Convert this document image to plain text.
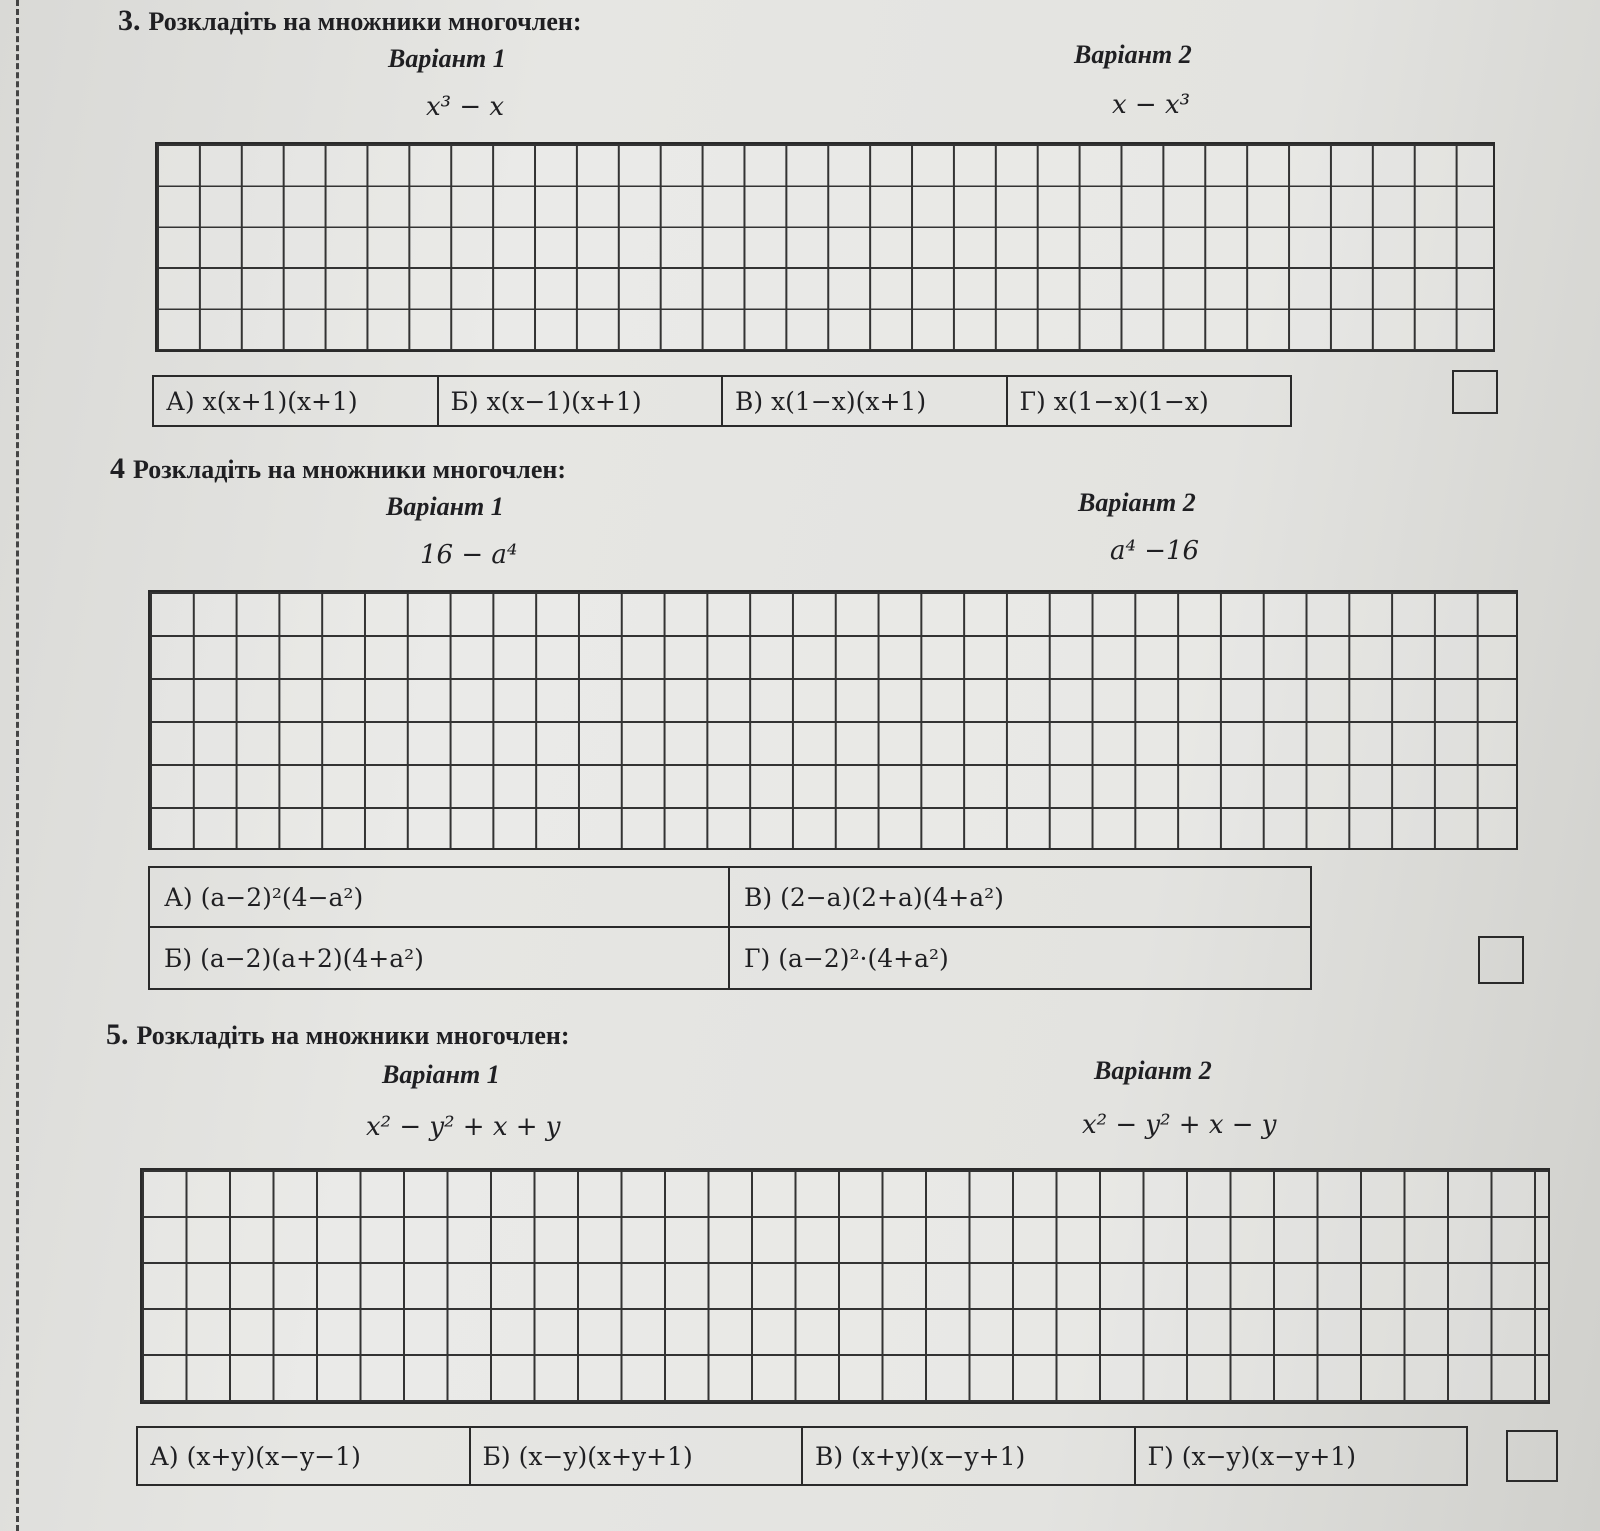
3. Розкладіть на множники многочлен:
Варіант 1	Варіант 2
x³ − x	x − x³
А) x(x+1)(x+1)	Б) x(x−1)(x+1)	В) x(1−x)(x+1)	Г) x(1−x)(1−x)
4 Розкладіть на множники многочлен:
Варіант 1	Варіант 2
16 − a⁴	a⁴ −16
А) (a−2)²(4−a²)	В) (2−a)(2+a)(4+a²)
Б) (a−2)(a+2)(4+a²)	Г) (a−2)²·(4+a²)
5. Розкладіть на множники многочлен:
Варіант 1	Варіант 2
x² − y² + x + y	x² − y² + x − y
А) (x+y)(x−y−1)	Б) (x−y)(x+y+1)	В) (x+y)(x−y+1)	Г) (x−y)(x−y+1)
